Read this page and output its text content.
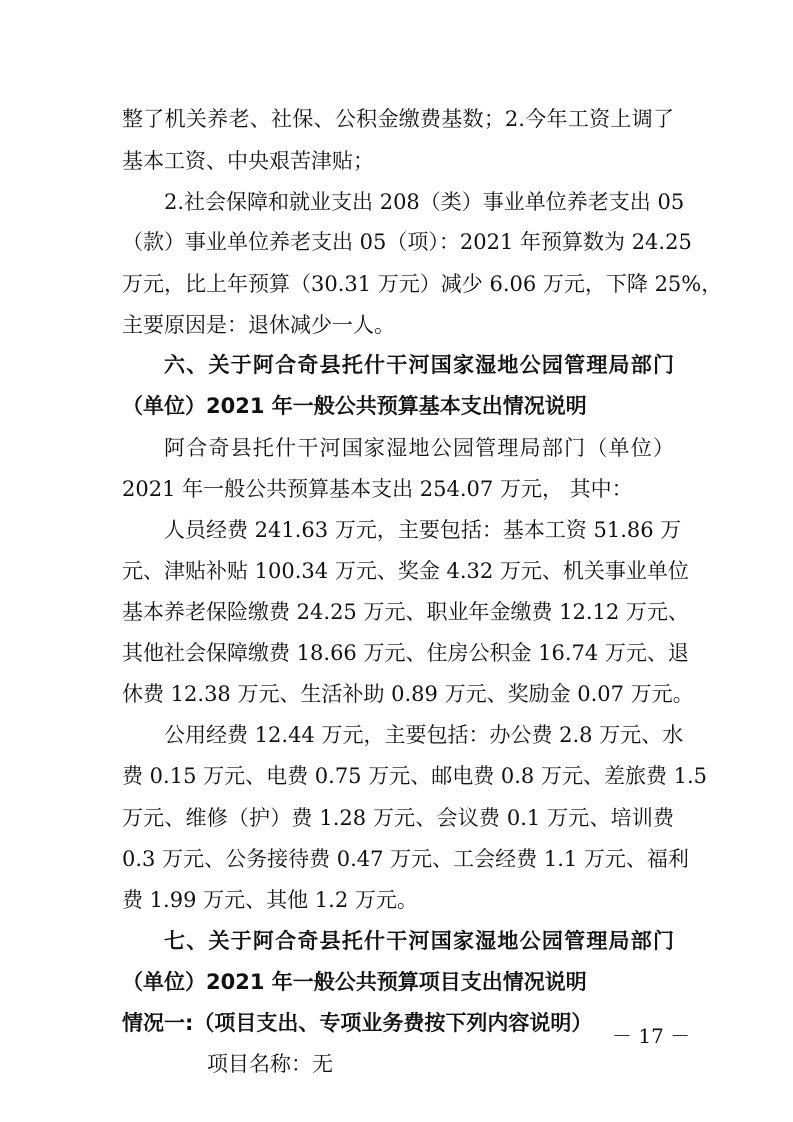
整了机关养老、社保、公积金缴费基数；2.今年工资上调了
基本工资、中央艰苦津贴；
2.社会保障和就业支出 208（类）事业单位养老支出 05
（款）事业单位养老支出 05（项）：2021 年预算数为 24.25
万元，比上年预算（30.31 万元）减少 6.06 万元，下降 25%，
主要原因是：退休减少一人。
六、关于阿合奇县托什干河国家湿地公园管理局部门
（单位）2021 年一般公共预算基本支出情况说明
阿合奇县托什干河国家湿地公园管理局部门（单位）
2021 年一般公共预算基本支出 254.07 万元， 其中：
人员经费 241.63 万元，主要包括：基本工资 51.86 万
元、津贴补贴 100.34 万元、奖金 4.32 万元、机关事业单位
基本养老保险缴费 24.25 万元、职业年金缴费 12.12 万元、
其他社会保障缴费 18.66 万元、住房公积金 16.74 万元、退
休费 12.38 万元、生活补助 0.89 万元、奖励金 0.07 万元。
公用经费 12.44 万元，主要包括：办公费 2.8 万元、水
费 0.15 万元、电费 0.75 万元、邮电费 0.8 万元、差旅费 1.5
万元、维修（护）费 1.28 万元、会议费 0.1 万元、培训费
0.3 万元、公务接待费 0.47 万元、工会经费 1.1 万元、福利
费 1.99 万元、其他 1.2 万元。
七、关于阿合奇县托什干河国家湿地公园管理局部门
（单位）2021 年一般公共预算项目支出情况说明
情况一:（项目支出、专项业务费按下列内容说明）
项目名称：无
－ 17 －
